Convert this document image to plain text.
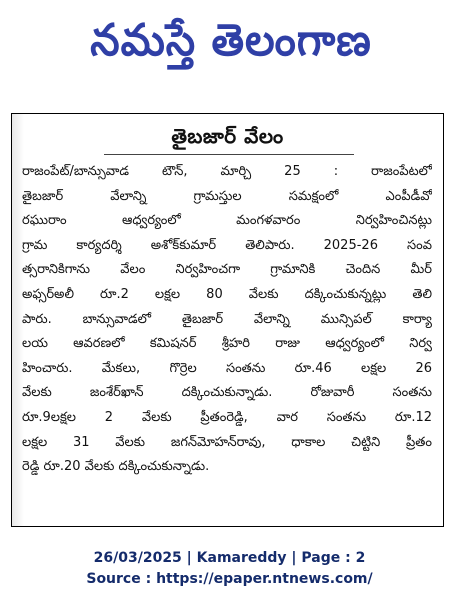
నమస్తే తెలంగాణ
తైబజార్ వేలం
రాజంపేట్/బాన్సువాడ టౌన్, మార్చి 25 : రాజంపేటలో
తైబజార్ వేలాన్ని గ్రామస్తుల సమక్షంలో ఎంపీడీవో
రఘురాం ఆధ్వర్యంలో మంగళవారం నిర్వహించినట్లు
గ్రామ కార్యదర్శి అశోక్‌కుమార్ తెలిపారు. 2025-26 సంవ
త్సరానికిగాను వేలం నిర్వహించగా గ్రామానికి చెందిన మీర్
అఫ్సర్‌అలీ రూ.2 లక్షల 80 వేలకు దక్కించుకున్నట్లు తెలి
పారు. బాన్సువాడలో తైబజార్ వేలాన్ని మున్సిపల్ కార్యా
లయ ఆవరణలో కమిషనర్ శ్రీహరి రాజు ఆధ్వర్యంలో నిర్వ
హించారు. మేకలు, గొర్రెల సంతను రూ.46 లక్షల 26
వేలకు జంశేర్‌ఖాన్ దక్కించుకున్నాడు. రోజువారీ సంతను
రూ.9లక్షల 2 వేలకు ప్రీతంరెడ్డి, వార సంతను రూ.12
లక్షల 31 వేలకు జగన్‌మోహన్‌రావు, ధాకాల చిట్టిని ప్రీతం
రెడ్డి రూ.20 వేలకు దక్కించుకున్నాడు.
26/03/2025 | Kamareddy | Page : 2
Source : https://epaper.ntnews.com/
